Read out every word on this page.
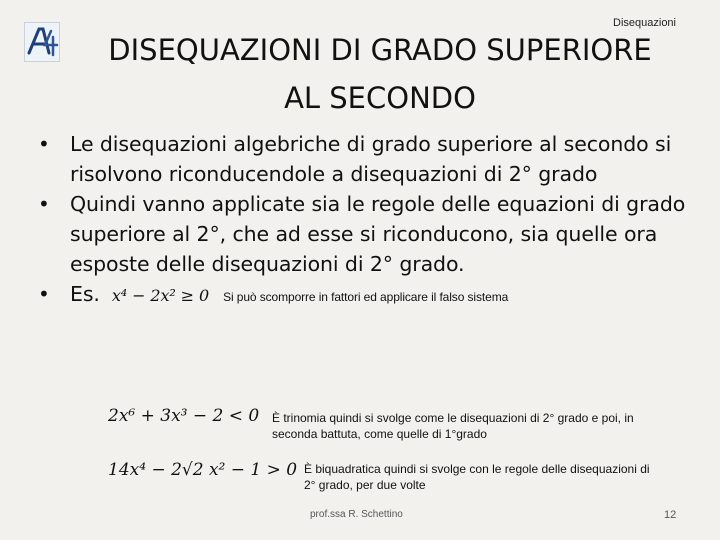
Disequazioni
DISEQUAZIONI DI GRADO SUPERIORE
AL SECONDO
• Le disequazioni algebriche di grado superiore al secondo si risolvono riconducendole a disequazioni di 2° grado
• Quindi vanno applicate sia le regole delle equazioni di grado superiore al 2°, che ad esse si riconducono, sia quelle ora esposte delle disequazioni di 2° grado.
• Es. x⁴ − 2x² ≥ 0 Si può scomporre in fattori ed applicare il falso sistema
2x⁶ + 3x³ − 2 < 0 È trinomia quindi si svolge come le disequazioni di 2° grado e poi, in seconda battuta, come quelle di 1°grado
14x⁴ − 2√2 x² − 1 > 0 È biquadratica quindi si svolge con le regole delle disequazioni di 2° grado, per due volte
prof.ssa R. Schettino	12
